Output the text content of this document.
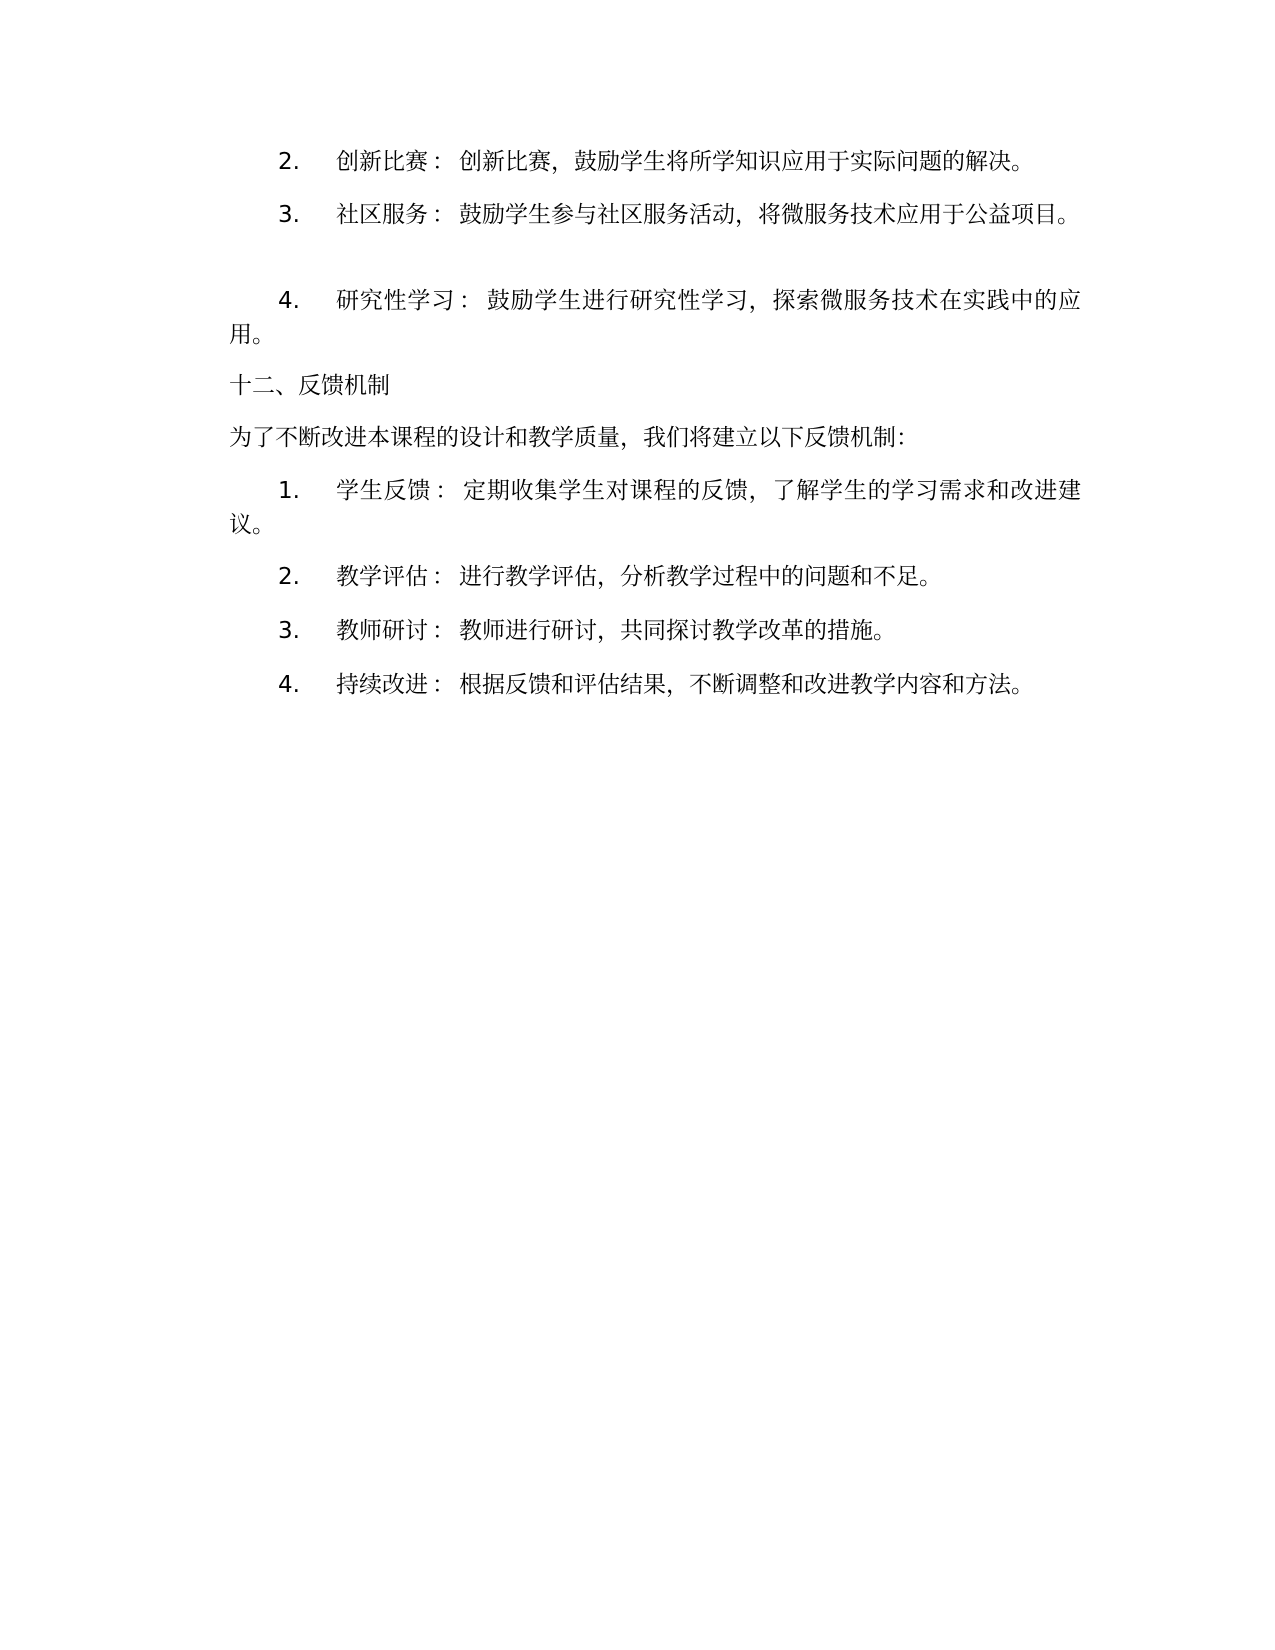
2.	创新比赛 ： 创新比赛，鼓励学生将所学知识应用于实际问题的解决。
3.	社区服务 ： 鼓励学生参与社区服务活动，将微服务技术应用于公益项目。
4.	研究性学习 ： 鼓励学生进行研究性学习，探索微服务技术在实践中的应用。
十二、反馈机制
为了不断改进本课程的设计和教学质量，我们将建立以下反馈机制：
1.	学生反馈 ： 定期收集学生对课程的反馈，了解学生的学习需求和改进建议。
2.	教学评估 ： 进行教学评估，分析教学过程中的问题和不足。
3.	教师研讨 ： 教师进行研讨，共同探讨教学改革的措施。
4.	持续改进 ： 根据反馈和评估结果，不断调整和改进教学内容和方法。
